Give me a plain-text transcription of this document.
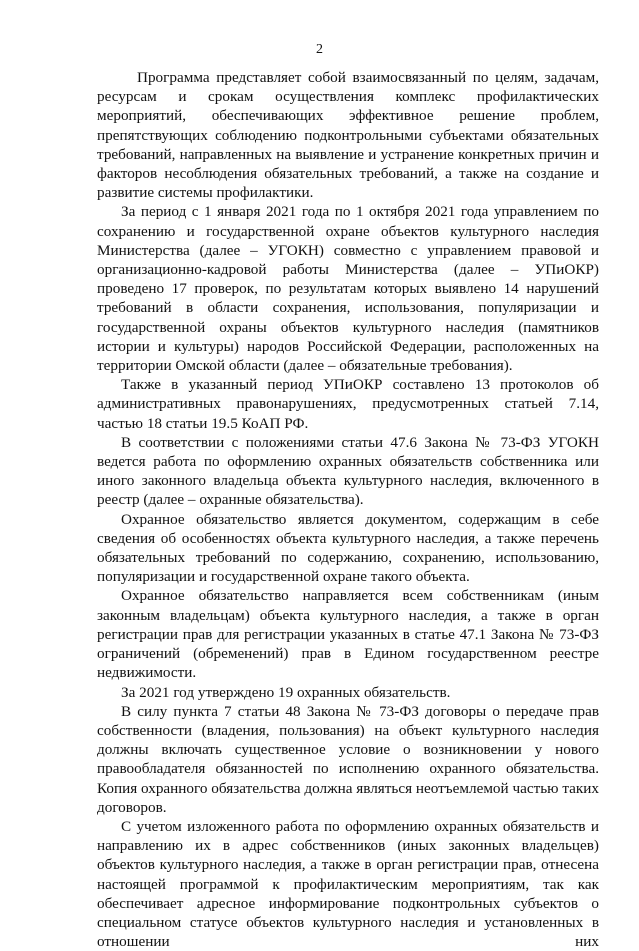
2

Программа представляет собой взаимосвязанный по целям, задачам, ресурсам и срокам осуществления комплекс профилактических мероприятий, обеспечивающих эффективное решение проблем, препятствующих соблюдению подконтрольными субъектами обязательных требований, направленных на выявление и устранение конкретных причин и факторов несоблюдения обязательных требований, а также на создание и развитие системы профилактики.

За период с 1 января 2021 года по 1 октября 2021 года управлением по сохранению и государственной охране объектов культурного наследия Министерства (далее – УГОКН) совместно с управлением правовой и организационно-кадровой работы Министерства (далее – УПиОКР) проведено 17 проверок, по результатам которых выявлено 14 нарушений требований в области сохранения, использования, популяризации и государственной охраны объектов культурного наследия (памятников истории и культуры) народов Российской Федерации, расположенных на территории Омской области (далее – обязательные требования).

Также в указанный период УПиОКР составлено 13 протоколов об административных правонарушениях, предусмотренных статьей 7.14, частью 18 статьи 19.5 КоАП РФ.

В соответствии с положениями статьи 47.6 Закона № 73-ФЗ УГОКН ведется работа по оформлению охранных обязательств собственника или иного законного владельца объекта культурного наследия, включенного в реестр (далее – охранные обязательства).

Охранное обязательство является документом, содержащим в себе сведения об особенностях объекта культурного наследия, а также перечень обязательных требований по содержанию, сохранению, использованию, популяризации и государственной охране такого объекта.

Охранное обязательство направляется всем собственникам (иным законным владельцам) объекта культурного наследия, а также в орган регистрации прав для регистрации указанных в статье 47.1 Закона № 73-ФЗ ограничений (обременений) прав в Едином государственном реестре недвижимости.

За 2021 год утверждено 19 охранных обязательств.

В силу пункта 7 статьи 48 Закона № 73-ФЗ договоры о передаче прав собственности (владения, пользования) на объект культурного наследия должны включать существенное условие о возникновении у нового правообладателя обязанностей по исполнению охранного обязательства. Копия охранного обязательства должна являться неотъемлемой частью таких договоров.

С учетом изложенного работа по оформлению охранных обязательств и направлению их в адрес собственников (иных законных владельцев) объектов культурного наследия, а также в орган регистрации прав, отнесена настоящей программой к профилактическим мероприятиям, так как обеспечивает адресное информирование подконтрольных субъектов о специальном статусе объектов культурного наследия и установленных в отношении них
